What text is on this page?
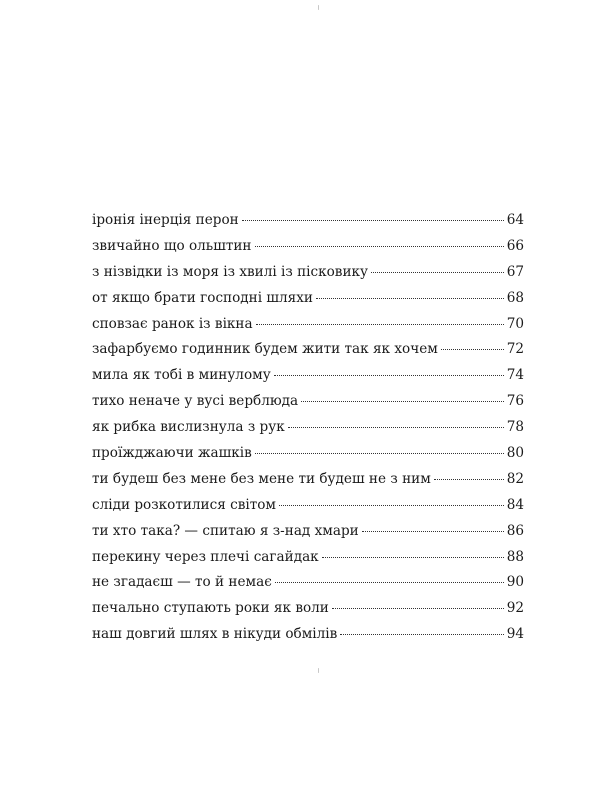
іронія інерція перон	64
звичайно що ольштин	66
з нізвідки із моря із хвилі із пісковику	67
от якщо брати господні шляхи	68
сповзає ранок із вікна	70
зафарбуємо годинник будем жити так як хочем	72
мила як тобі в минулому	74
тихо неначе у вусі верблюда	76
як рибка вислизнула з рук	78
проїжджаючи жашків	80
ти будеш без мене без мене ти будеш не з ним	82
сліди розкотилися світом	84
ти хто така? — спитаю я з-над хмари	86
перекину через плечі сагайдак	88
не згадаєш — то й немає	90
печально ступають роки як воли	92
наш довгий шлях в нікуди обмілів	94
